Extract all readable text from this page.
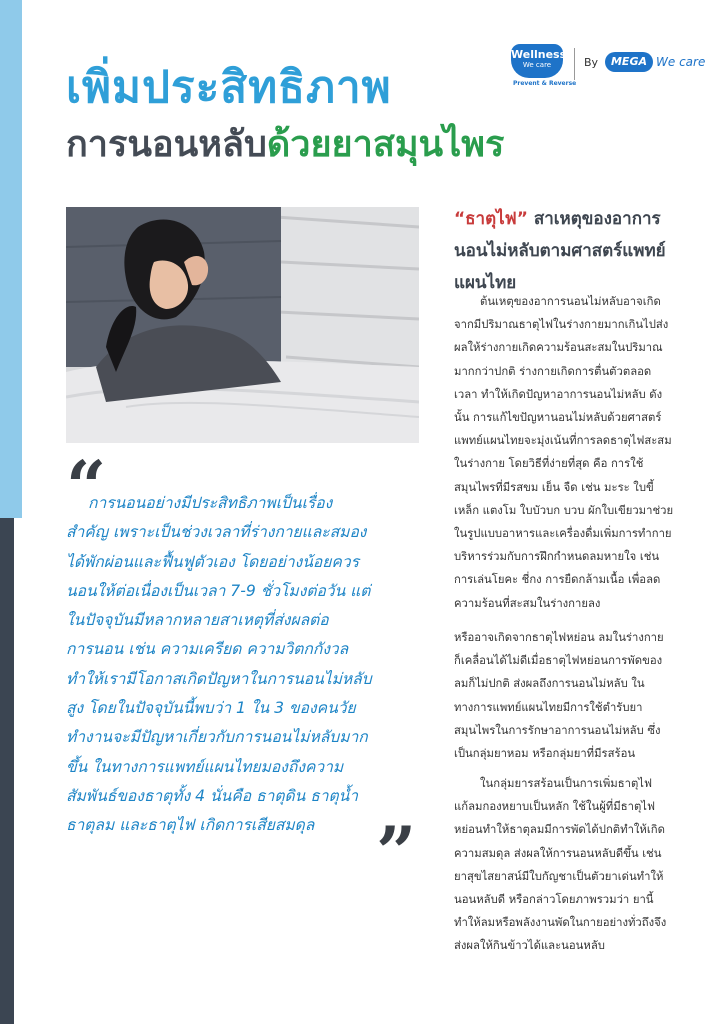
เพิ่มประสิทธิภาพ
การนอนหลับด้วยยาสมุนไพร
Wellness
We care
Prevent & Reverse
By	MEGA We care
“
การนอนอย่างมีประสิทธิภาพเป็นเรื่อง
สำคัญ เพราะเป็นช่วงเวลาที่ร่างกายและสมอง
ได้พักผ่อนและฟื้นฟูตัวเอง โดยอย่างน้อยควร
นอนให้ต่อเนื่องเป็นเวลา 7-9 ชั่วโมงต่อวัน แต่
ในปัจจุบันมีหลากหลายสาเหตุที่ส่งผลต่อ
การนอน เช่น ความเครียด ความวิตกกังวล
ทำให้เรามีโอกาสเกิดปัญหาในการนอนไม่หลับ
สูง โดยในปัจจุบันนี้พบว่า 1 ใน 3 ของคนวัย
ทำงานจะมีปัญหาเกี่ยวกับการนอนไม่หลับมาก
ขึ้น ในทางการแพทย์แผนไทยมองถึงความ
สัมพันธ์ของธาตุทั้ง 4 นั่นคือ ธาตุดิน ธาตุน้ำ
ธาตุลม และธาตุไฟ เกิดการเสียสมดุล ”
“ธาตุไฟ” สาเหตุของอาการ
นอนไม่หลับตามศาสตร์แพทย์
แผนไทย
ต้นเหตุของอาการนอนไม่หลับอาจเกิด
จากมีปริมาณธาตุไฟในร่างกายมากเกินไปส่ง
ผลให้ร่างกายเกิดความร้อนสะสมในปริมาณ
มากกว่าปกติ ร่างกายเกิดการตื่นตัวตลอด
เวลา ทำให้เกิดปัญหาอาการนอนไม่หลับ ดัง
นั้น การแก้ไขปัญหานอนไม่หลับด้วยศาสตร์
แพทย์แผนไทยจะมุ่งเน้นที่การลดธาตุไฟสะสม
ในร่างกาย โดยวิธีที่ง่ายที่สุด คือ การใช้
สมุนไพรที่มีรสขม เย็น จืด เช่น มะระ ใบขี้
เหล็ก แตงโม ใบบัวบก บวบ ผักใบเขียวมาช่วย
ในรูปแบบอาหารและเครื่องดื่มเพิ่มการทำกาย
บริหารร่วมกับการฝึกกำหนดลมหายใจ เช่น
การเล่นโยคะ ชี่กง การยืดกล้ามเนื้อ เพื่อลด
ความร้อนที่สะสมในร่างกายลง
หรืออาจเกิดจากธาตุไฟหย่อน ลมในร่างกาย
ก็เคลื่อนได้ไม่ดีเมื่อธาตุไฟหย่อนการพัดของ
ลมก็ไม่ปกติ ส่งผลถึงการนอนไม่หลับ ใน
ทางการแพทย์แผนไทยมีการใช้ตำรับยา
สมุนไพรในการรักษาอาการนอนไม่หลับ ซึ่ง
เป็นกลุ่มยาหอม หรือกลุ่มยาที่มีรสร้อน
ในกลุ่มยารสร้อนเป็นการเพิ่มธาตุไฟ
แก้ลมกองหยาบเป็นหลัก ใช้ในผู้ที่มีธาตุไฟ
หย่อนทำให้ธาตุลมมีการพัดได้ปกติทำให้เกิด
ความสมดุล ส่งผลให้การนอนหลับดีขึ้น เช่น
ยาสุขไสยาสน์มีใบกัญชาเป็นตัวยาเด่นทำให้
นอนหลับดี หรือกล่าวโดยภาพรวมว่า ยานี้
ทำให้ลมหรือพลังงานพัดในกายอย่างทั่วถึงจึง
ส่งผลให้กินข้าวได้และนอนหลับ
